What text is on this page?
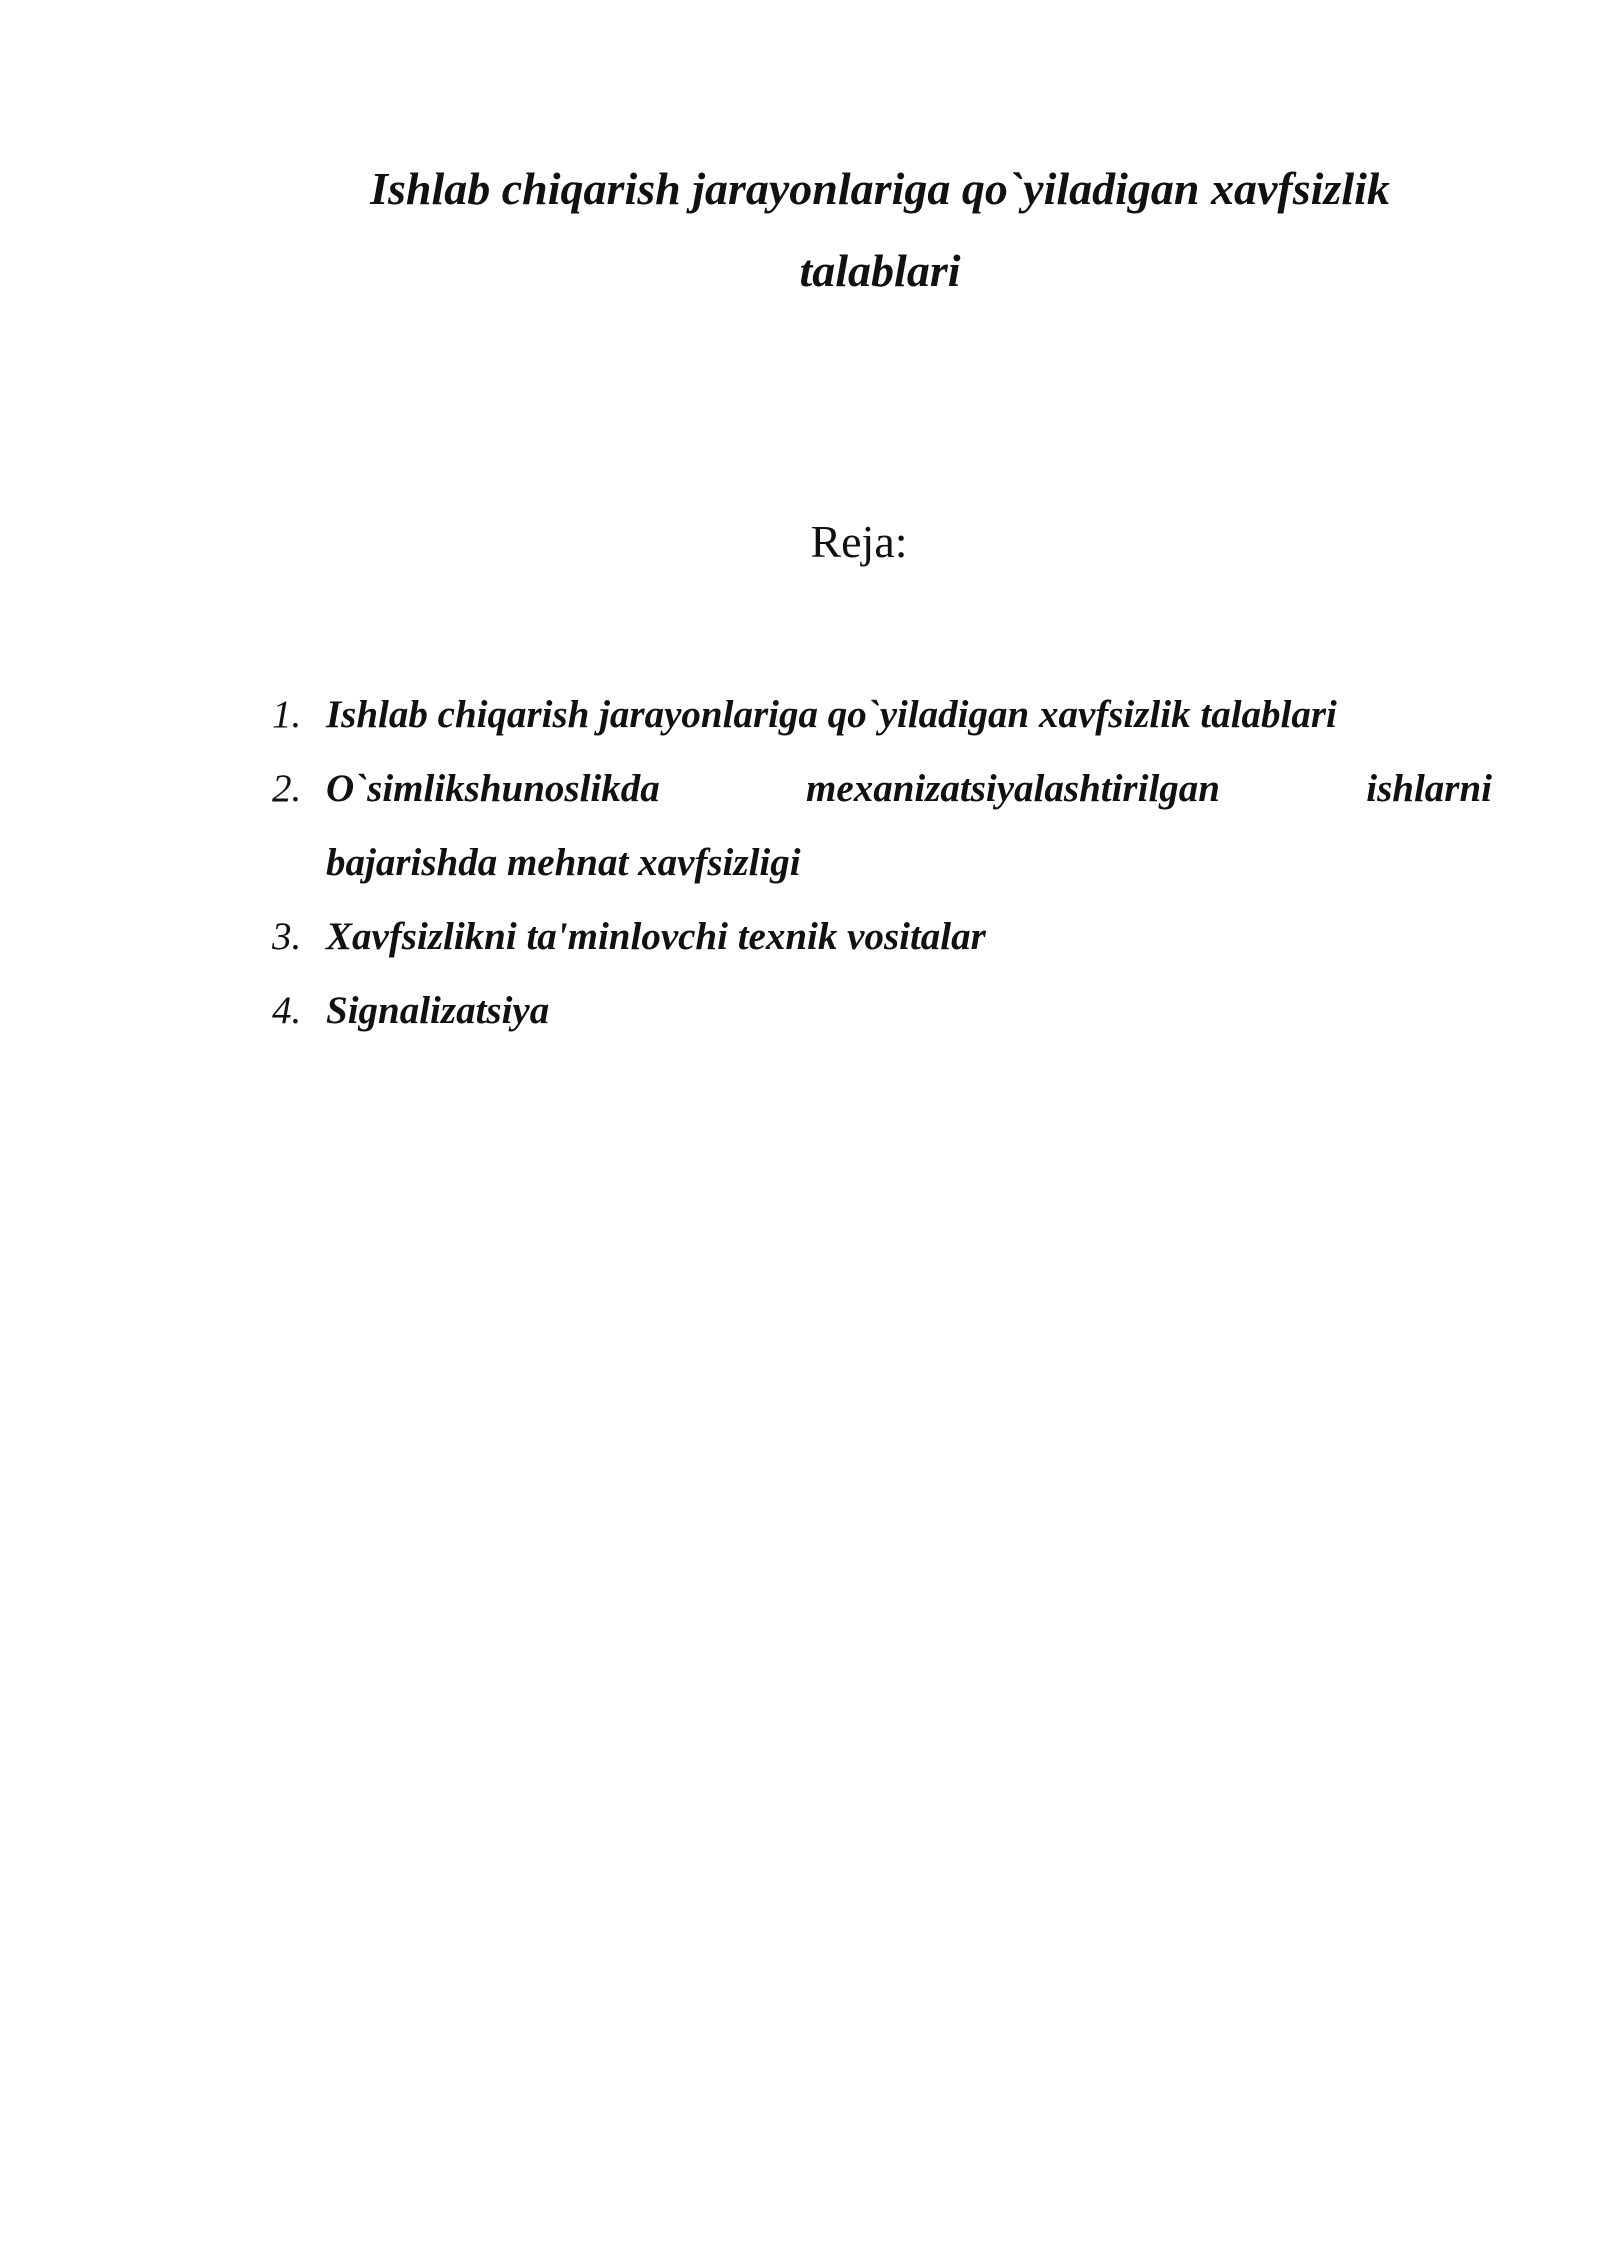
Ishlab chiqarish jarayonlariga qo`yiladigan xavfsizlik
talablari
Reja:
1. Ishlab chiqarish jarayonlariga qo`yiladigan xavfsizlik talablari
2. O`simlikshunoslikda mexanizatsiyalashtirilgan ishlarni
bajarishda mehnat xavfsizligi
3. Xavfsizlikni ta'minlovchi texnik vositalar
4. Signalizatsiya
